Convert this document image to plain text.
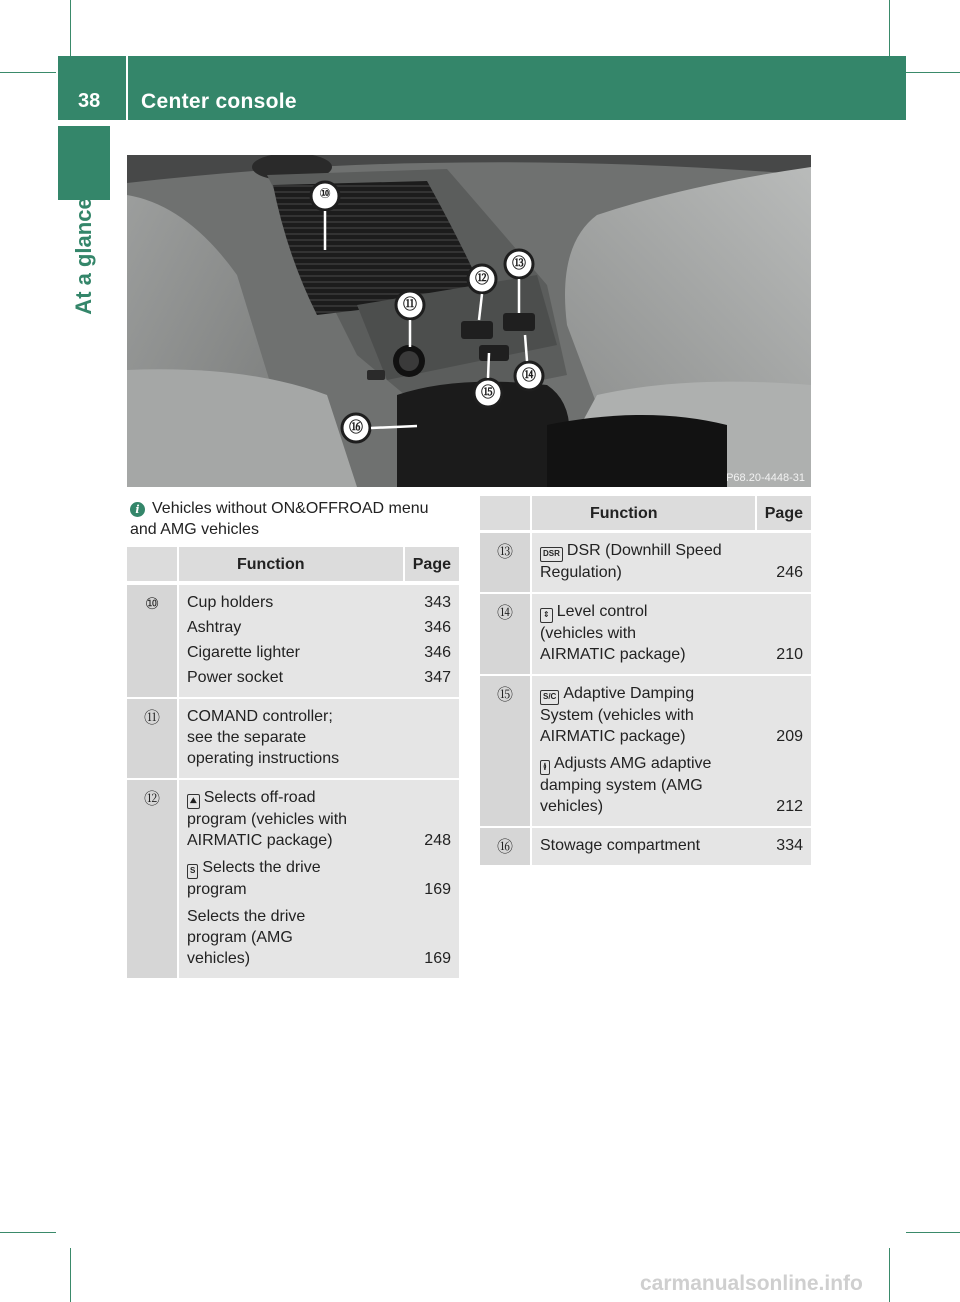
38 Center console
At a glance
⑩
⑪
⑫
⑬
⑭
⑮
⑯
P68.20-4448-31
i Vehicles without ON&OFFROAD menu and AMG vehicles
	Function	Page
⑩	Cup holders	343
Ashtray	346
Cigarette lighter	346
Power socket	347
⑪	COMAND controller; see the separate operating instructions
⑫	⛰ Selects off-road program (vehicles with AIRMATIC package)	248
S Selects the drive program	169
Selects the drive program (AMG vehicles)	169
	Function	Page
⑬	DSR DSR (Downhill Speed Regulation)	246
⑭	⇕ Level control (vehicles with AIRMATIC package)	210
⑮	S/C Adaptive Damping System (vehicles with AIRMATIC package)	209
≬ Adjusts AMG adaptive damping system (AMG vehicles)	212
⑯	Stowage compartment	334
carmanualsonline.info
